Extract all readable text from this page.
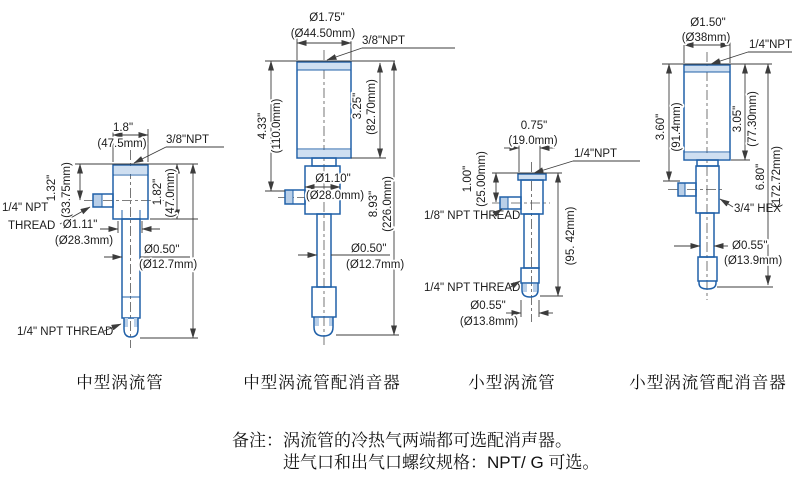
1.8"
(47.5mm) 3/8"NPT
1.32" (33.75mm)
1/4" NPT
THREAD Ø1.11"
(Ø28.3mm)
1.82" (47.0mm)
Ø0.50"
(Ø12.7mm)
1/4" NPT THREAD
Ø1.75"
(Ø44.50mm)
3/8"NPT
4.33" (110.0mm)	3.25" (82.70mm)
8.93" (226.0mm)
Ø1.10"
(Ø28.0mm)
Ø0.50"
(Ø12.7mm)
0.75"
(19.0mm)
1/4"NPT
1.00" (25.00mm)
1/8" NPT THREAD	(95. 42mm)
1/4" NPT THREAD
Ø0.55"
(Ø13.8mm)
Ø1.50"
(Ø38mm)
1/4"NPT
3.60" (91.4mm)	3.05" (77.30mm)
6.80" (172.72mm)
3/4" HEX
Ø0.55"
(Ø13.9mm)
中型涡流管	中型涡流管配消音器	小型涡流管	小型涡流管配消音器
备注：涡流管的冷热气两端都可选配消声器。
进气口和出气口螺纹规格：NPT/ G 可选。
